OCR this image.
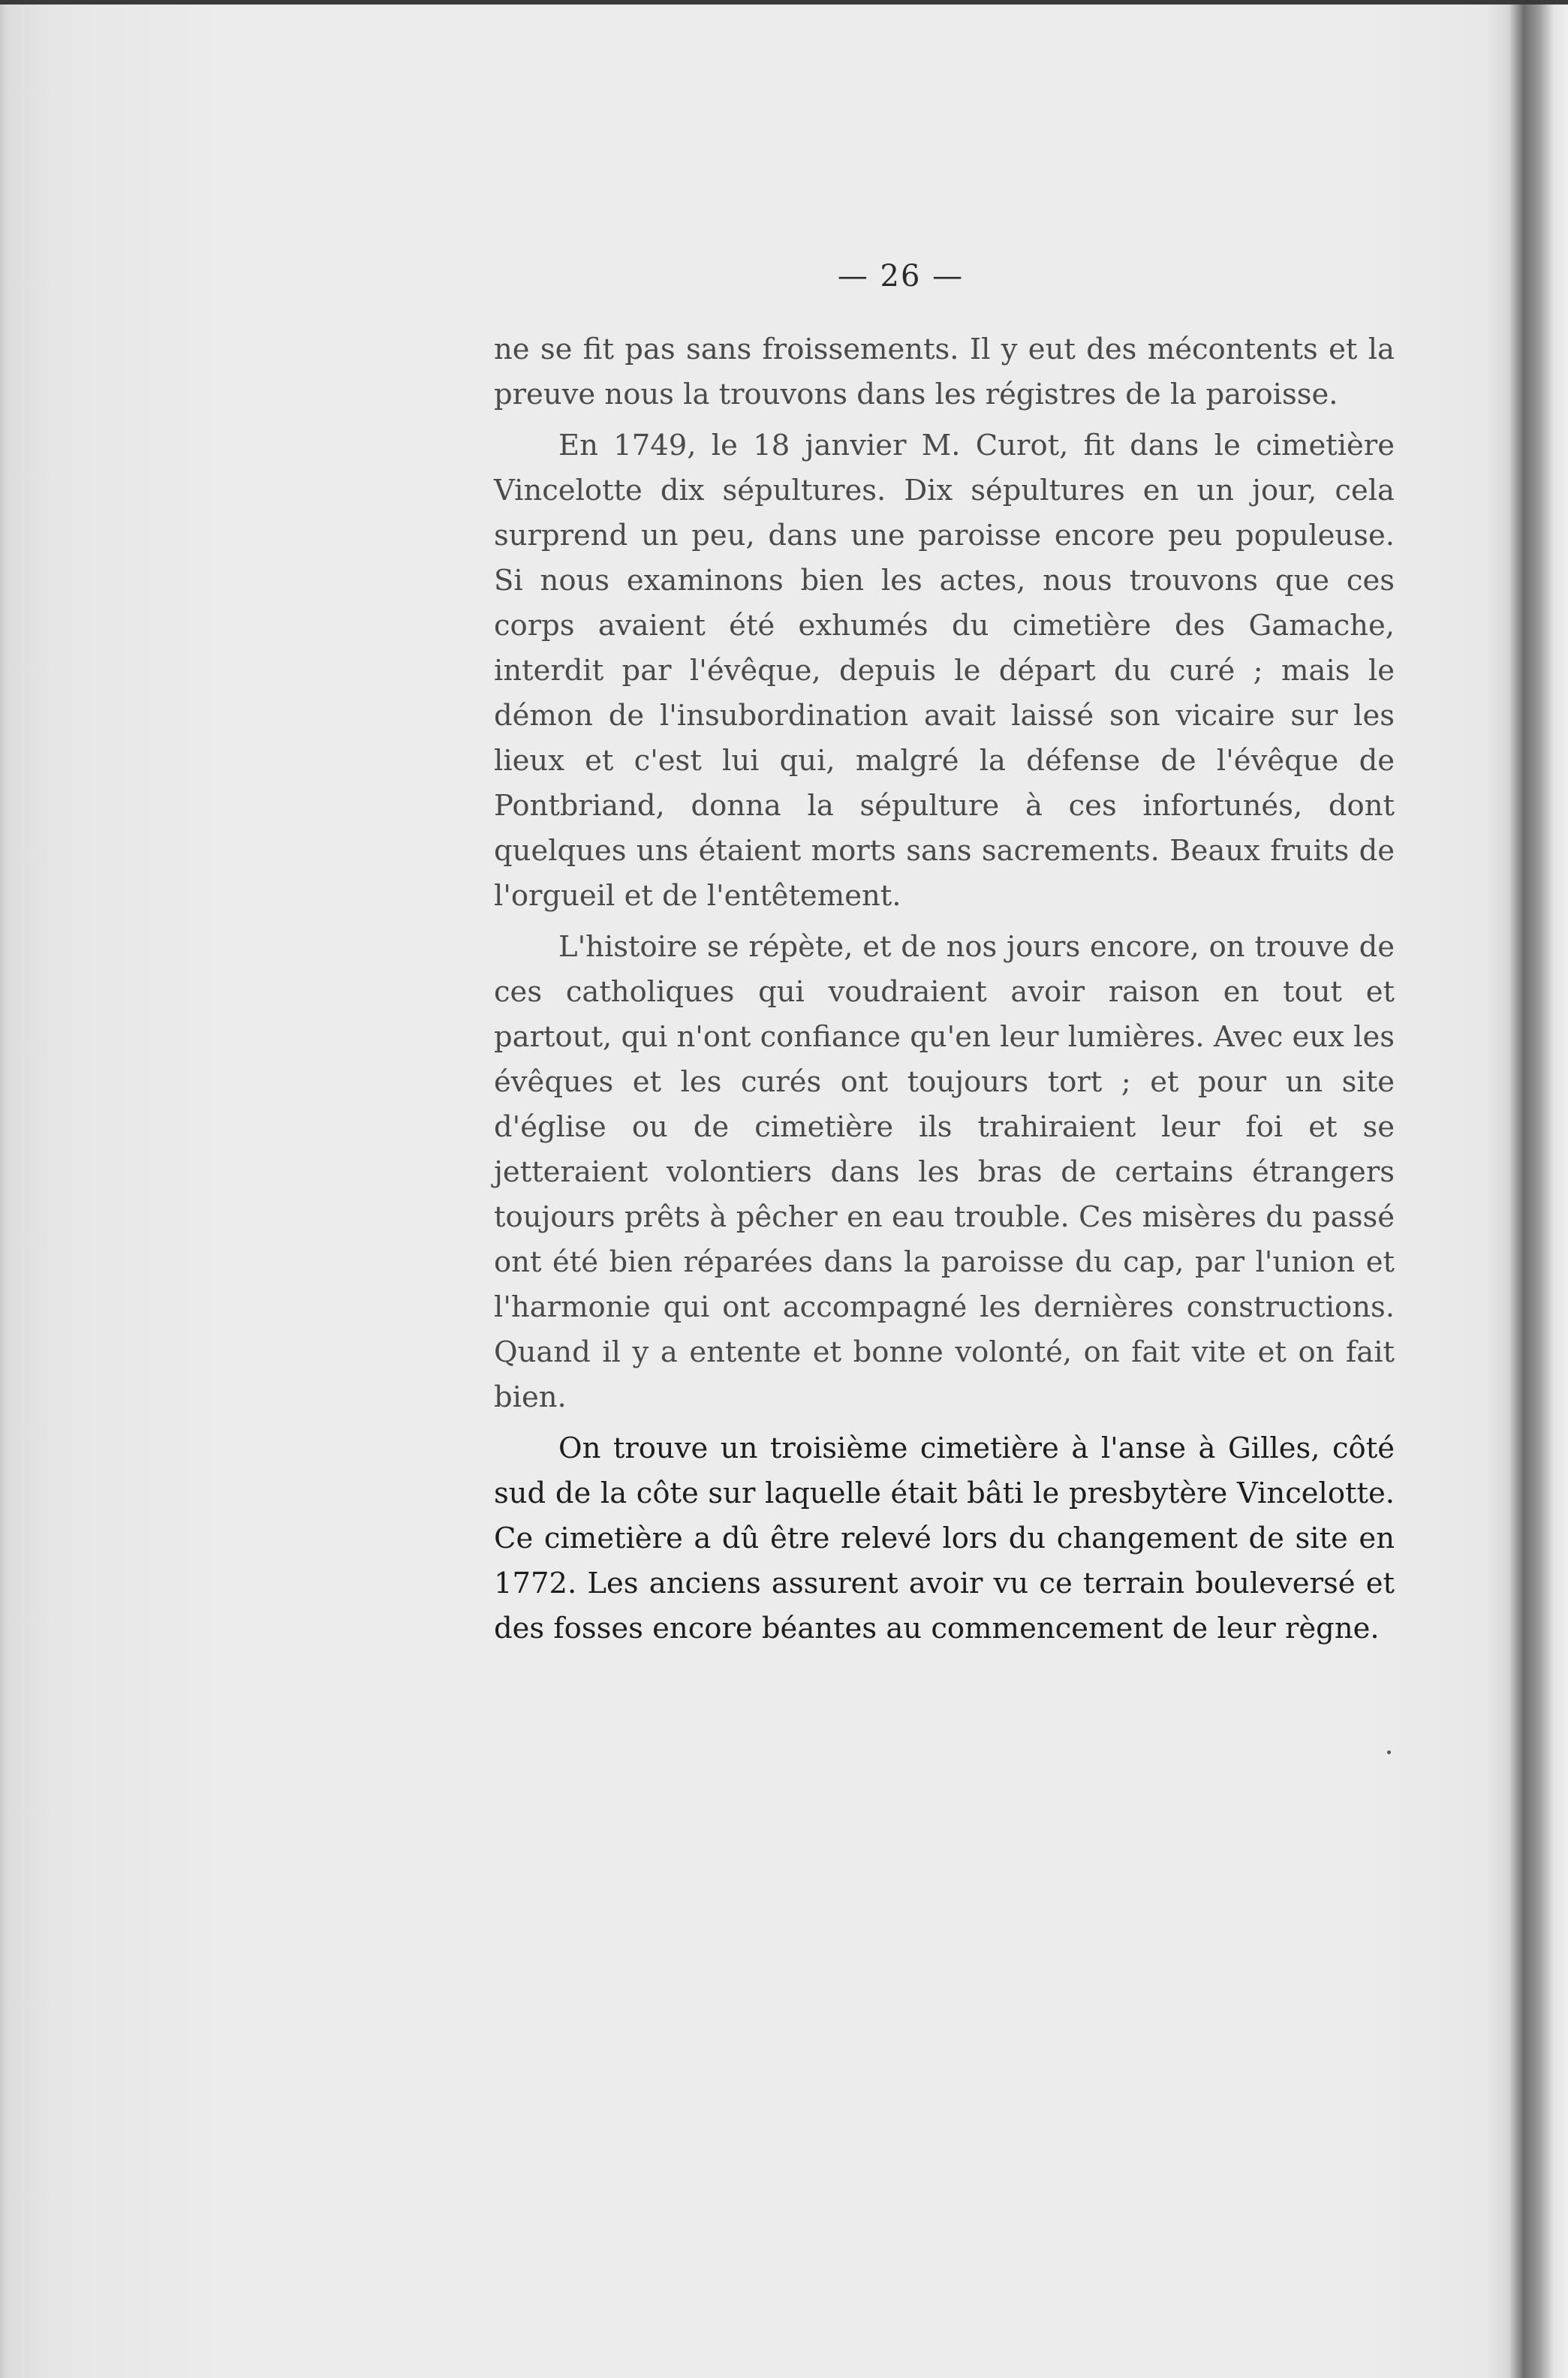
— 26 —

ne se fit pas sans froissements. Il y eut des mécontents et la preuve nous la trouvons dans les régistres de la paroisse.

En 1749, le 18 janvier M. Curot, fit dans le cimetière Vincelotte dix sépultures. Dix sépultures en un jour, cela surprend un peu, dans une paroisse encore peu populeuse. Si nous examinons bien les actes, nous trouvons que ces corps avaient été exhumés du cimetière des Gamache, interdit par l'évêque, depuis le départ du curé ; mais le démon de l'insubordination avait laissé son vicaire sur les lieux et c'est lui qui, malgré la défense de l'évêque de Pontbriand, donna la sépulture à ces infortunés, dont quelques uns étaient morts sans sacrements. Beaux fruits de l'orgueil et de l'entêtement.

L'histoire se répète, et de nos jours encore, on trouve de ces catholiques qui voudraient avoir raison en tout et partout, qui n'ont confiance qu'en leur lumières. Avec eux les évêques et les curés ont toujours tort ; et pour un site d'église ou de cimetière ils trahiraient leur foi et se jetteraient volontiers dans les bras de certains étrangers toujours prêts à pêcher en eau trouble. Ces misères du passé ont été bien réparées dans la paroisse du cap, par l'union et l'harmonie qui ont accompagné les dernières constructions. Quand il y a entente et bonne volonté, on fait vite et on fait bien.

On trouve un troisième cimetière à l'anse à Gilles, côté sud de la côte sur laquelle était bâti le presbytère Vincelotte. Ce cimetière a dû être relevé lors du changement de site en 1772. Les anciens assurent avoir vu ce terrain bouleversé et des fosses encore béantes au commencement de leur règne.
